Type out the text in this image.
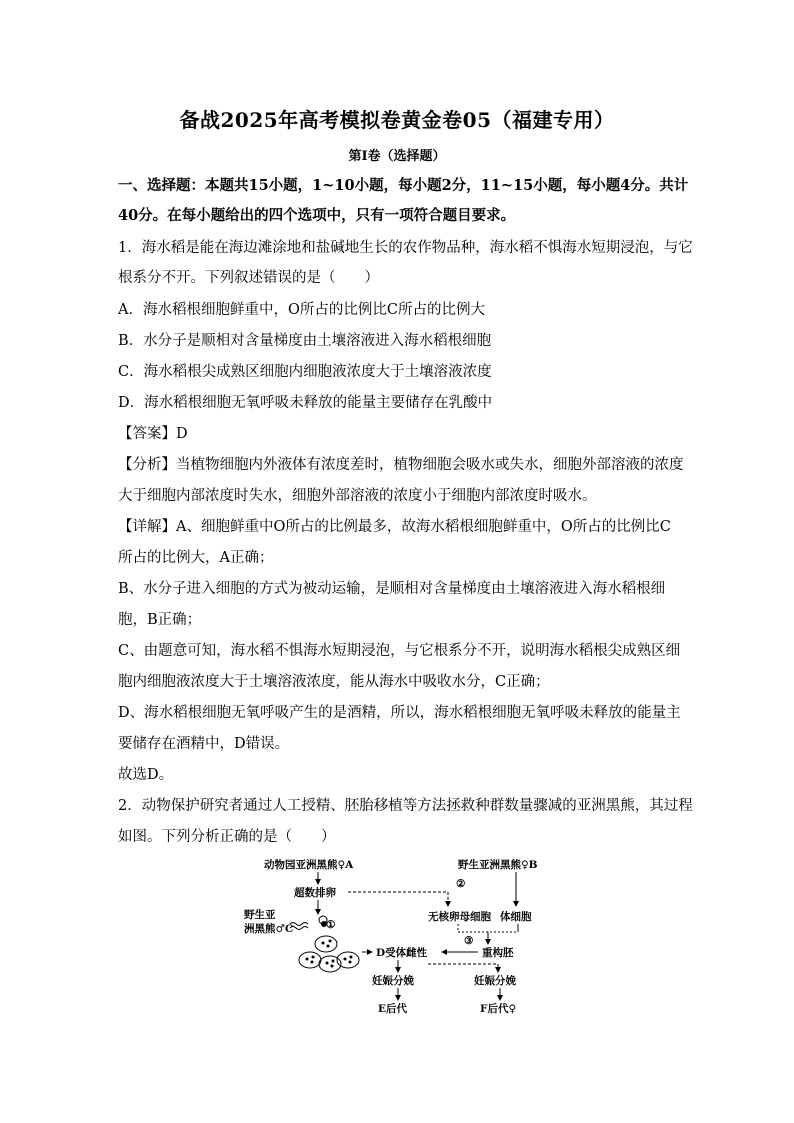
备战2025年高考模拟卷黄金卷05（福建专用）
第I卷（选择题）
一、选择题：本题共15小题，1~10小题，每小题2分，11~15小题，每小题4分。共计
40分。在每小题给出的四个选项中，只有一项符合题目要求。
1．海水稻是能在海边滩涂地和盐碱地生长的农作物品种，海水稻不惧海水短期浸泡，与它
根系分不开。下列叙述错误的是（　　）
A．海水稻根细胞鲜重中，O所占的比例比C所占的比例大
B．水分子是顺相对含量梯度由土壤溶液进入海水稻根细胞
C．海水稻根尖成熟区细胞内细胞液浓度大于土壤溶液浓度
D．海水稻根细胞无氧呼吸未释放的能量主要储存在乳酸中
【答案】D
【分析】当植物细胞内外液体有浓度差时，植物细胞会吸水或失水，细胞外部溶液的浓度
大于细胞内部浓度时失水，细胞外部溶液的浓度小于细胞内部浓度时吸水。
【详解】A、细胞鲜重中O所占的比例最多，故海水稻根细胞鲜重中，O所占的比例比C
所占的比例大，A正确；
B、水分子进入细胞的方式为被动运输，是顺相对含量梯度由土壤溶液进入海水稻根细
胞，B正确；
C、由题意可知，海水稻不惧海水短期浸泡，与它根系分不开，说明海水稻根尖成熟区细
胞内细胞液浓度大于土壤溶液浓度，能从海水中吸收水分，C正确；
D、海水稻根细胞无氧呼吸产生的是酒精，所以，海水稻根细胞无氧呼吸未释放的能量主
要储存在酒精中，D错误。
故选D。
2．动物保护研究者通过人工授精、胚胎移植等方法拯救种群数量骤减的亚洲黑熊，其过程
如图。下列分析正确的是（　　）
动物园亚洲黑熊♀A
超数排卵
野生亚
洲黑熊♂C	①
D受体雌性
妊娠分娩
E后代
野生亚洲黑熊♀B
②
无核卵母细胞 体细胞
③
重构胚
妊娠分娩
F后代♀
